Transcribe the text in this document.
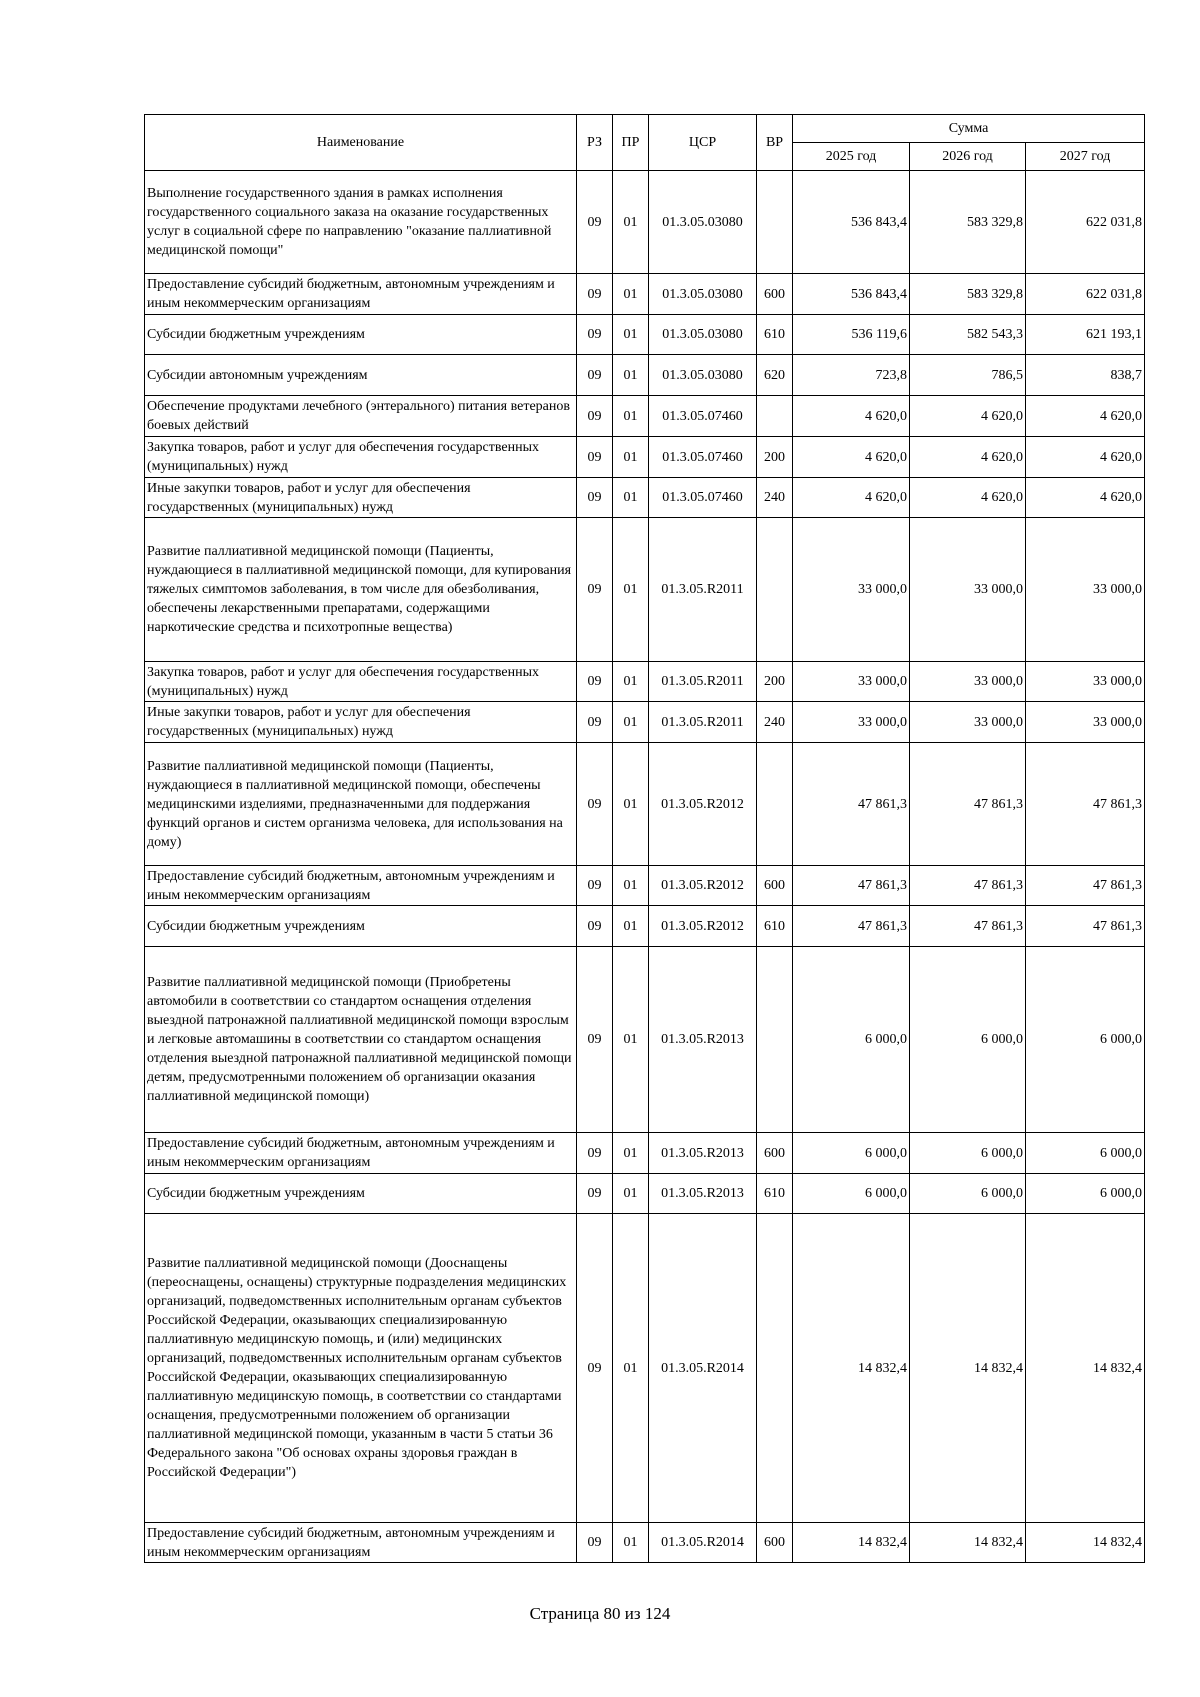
Наименование	РЗ	ПР	ЦСР	ВР	Сумма		
					2025 год	2026 год	2027 год
Выполнение государственного здания в рамках исполнения государственного социального заказа на оказание государственных услуг в социальной сфере по направлению "оказание паллиативной медицинской помощи"	09	01	01.3.05.03080		536 843,4	583 329,8	622 031,8
Предоставление субсидий бюджетным, автономным учреждениям и иным некоммерческим организациям	09	01	01.3.05.03080	600	536 843,4	583 329,8	622 031,8
Субсидии бюджетным учреждениям	09	01	01.3.05.03080	610	536 119,6	582 543,3	621 193,1
Субсидии автономным учреждениям	09	01	01.3.05.03080	620	723,8	786,5	838,7
Обеспечение продуктами лечебного (энтерального) питания ветеранов боевых действий	09	01	01.3.05.07460		4 620,0	4 620,0	4 620,0
Закупка товаров, работ и услуг для обеспечения государственных (муниципальных) нужд	09	01	01.3.05.07460	200	4 620,0	4 620,0	4 620,0
Иные закупки товаров, работ и услуг для обеспечения государственных (муниципальных) нужд	09	01	01.3.05.07460	240	4 620,0	4 620,0	4 620,0
Развитие паллиативной медицинской помощи (Пациенты, нуждающиеся в паллиативной медицинской помощи, для купирования тяжелых симптомов заболевания, в том числе для обезболивания, обеспечены лекарственными препаратами, содержащими наркотические средства и психотропные вещества)	09	01	01.3.05.R2011		33 000,0	33 000,0	33 000,0
Закупка товаров, работ и услуг для обеспечения государственных (муниципальных) нужд	09	01	01.3.05.R2011	200	33 000,0	33 000,0	33 000,0
Иные закупки товаров, работ и услуг для обеспечения государственных (муниципальных) нужд	09	01	01.3.05.R2011	240	33 000,0	33 000,0	33 000,0
Развитие паллиативной медицинской помощи (Пациенты, нуждающиеся в паллиативной медицинской помощи, обеспечены медицинскими изделиями, предназначенными для поддержания функций органов и систем организма человека, для использования на дому)	09	01	01.3.05.R2012		47 861,3	47 861,3	47 861,3
Предоставление субсидий бюджетным, автономным учреждениям и иным некоммерческим организациям	09	01	01.3.05.R2012	600	47 861,3	47 861,3	47 861,3
Субсидии бюджетным учреждениям	09	01	01.3.05.R2012	610	47 861,3	47 861,3	47 861,3
Развитие паллиативной медицинской помощи (Приобретены автомобили в соответствии со стандартом оснащения отделения выездной патронажной паллиативной медицинской помощи взрослым и легковые автомашины в соответствии со стандартом оснащения отделения выездной патронажной паллиативной медицинской помощи детям, предусмотренными положением об организации оказания паллиативной медицинской помощи)	09	01	01.3.05.R2013		6 000,0	6 000,0	6 000,0
Предоставление субсидий бюджетным, автономным учреждениям и иным некоммерческим организациям	09	01	01.3.05.R2013	600	6 000,0	6 000,0	6 000,0
Субсидии бюджетным учреждениям	09	01	01.3.05.R2013	610	6 000,0	6 000,0	6 000,0
Развитие паллиативной медицинской помощи (Дооснащены (переоснащены, оснащены) структурные подразделения медицинских организаций, подведомственных исполнительным органам субъектов Российской Федерации, оказывающих специализированную паллиативную медицинскую помощь, и (или) медицинских организаций, подведомственных исполнительным органам субъектов Российской Федерации, оказывающих специализированную паллиативную медицинскую помощь, в соответствии со стандартами оснащения, предусмотренными положением об организации паллиативной медицинской помощи, указанным в части 5 статьи 36 Федерального закона "Об основах охраны здоровья граждан в Российской Федерации")	09	01	01.3.05.R2014		14 832,4	14 832,4	14 832,4
Предоставление субсидий бюджетным, автономным учреждениям и иным некоммерческим организациям	09	01	01.3.05.R2014	600	14 832,4	14 832,4	14 832,4
Страница 80 из 124
